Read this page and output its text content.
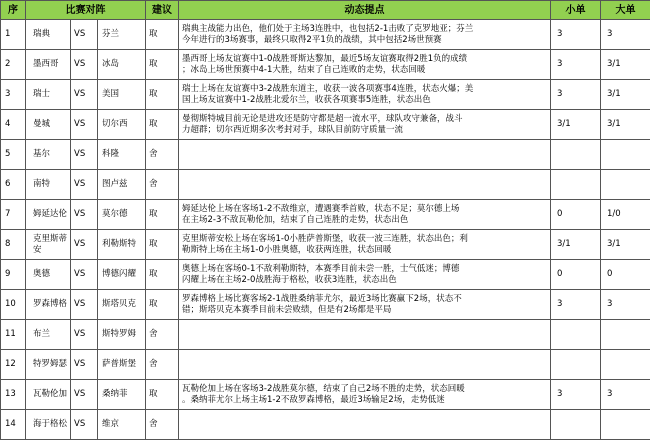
序	比赛对阵			建议	动态提点	小单	大单
1	瑞典	VS	芬兰	取	瑞典主战能力出色，他们处于主场3连胜中，也包括2-1击败了克罗地亚；芬兰
今年进行的3场赛事，最终只取得2平1负的战绩，其中包括2场世预赛	3	3
2	墨西哥	VS	冰岛	取	墨西哥上场友谊赛中1-0战胜哥斯达黎加，最近5场友谊赛取得2胜1负的成绩
；冰岛上场世预赛中4-1大胜，结束了自己连败的走势，状态回暖	3	3/1
3	瑞士	VS	美国	取	瑞士上场在友谊赛中3-2战胜东道主，收获一波各项赛事4连胜，状态火爆；美
国上场友谊赛中1-2战胜北爱尔兰，收获各项赛事5连胜，状态出色	3	3/1
4	曼城	VS	切尔西	取	曼彻斯特城目前无论是进攻还是防守都是超一流水平，球队攻守兼备，战斗
力超群；切尔西近期多次考封对手，球队目前防守质量一流	3/1	3/1
5	基尔	VS	科隆	舍			
6	南特	VS	图卢兹	舍			
7	姆延达伦	VS	莫尔德	取	姆延达伦上场在客场1-2不敌维京，遭遇赛季首败，状态不足；莫尔德上场
在主场2-3不敌瓦勒伦加，结束了自己连胜的走势，状态出色	0	1/0
8	克里斯蒂安	VS	利勒斯特	取	克里斯蒂安松上场在客场1-0小胜萨普斯堡，收获一波三连胜，状态出色；利
勒斯特上场在主场1-0小胜奥德，收获两连胜，状态回暖	3/1	3/1
9	奥德	VS	博德闪耀	取	奥德上场在客场0-1不敌利勒斯特，本赛季目前未尝一胜，士气低迷；博德
闪耀上场在主场2-0战胜海于格松，收获3连胜，状态出色	0	0
10	罗森博格	VS	斯塔贝克	取	罗森博格上场比赛客场2-1战胜桑纳菲尤尔，最近3场比赛赢下2场，状态不
错；斯塔贝克本赛季目前未尝败绩，但是有2场都是平局	3	3
11	布兰	VS	斯特罗姆	舍			
12	特罗姆瑟	VS	萨普斯堡	舍			
13	瓦勒伦加	VS	桑纳菲	取	瓦勒伦加上场在客场3-2战胜莫尔德，结束了自己2场不胜的走势，状态回暖
。桑纳菲尤尔上场主场1-2不敌罗森博格，最近3场输足2场，走势低迷	3	3
14	海于格松	VS	维京	舍			
